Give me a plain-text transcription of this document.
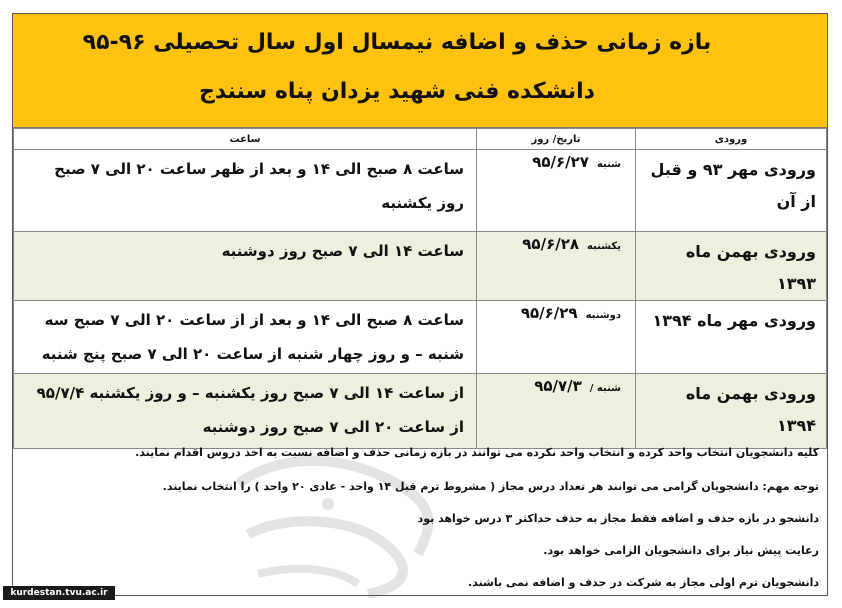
بازه زمانی حذف و اضافه نیمسال اول سال تحصیلی ۹۶-۹۵
دانشکده فنی شهید یزدان پناه سنندج
ورودی	تاریخ/ روز	ساعت

ورودی مهر ۹۳ و قبل از آن	شنبه۹۵/۶/۲۷	ساعت ۸ صبح الی ۱۴ و بعد از ظهر ساعت ۲۰ الی ۷ صبح روز یکشنبه

ورودی بهمن ماه ۱۳۹۳	یکشنبه۹۵/۶/۲۸	ساعت ۱۴ الی ۷ صبح روز دوشنبه

ورودی مهر ماه ۱۳۹۴	دوشنبه۹۵/۶/۲۹	ساعت ۸ صبح الی ۱۴ و بعد از از ساعت ۲۰ الی ۷ صبح سه شنبه – و روز چهار شنبه از ساعت ۲۰ الی ۷ صبح پنج شنبه

ورودی بهمن ماه ۱۳۹۴	شنبه /۹۵/۷/۳	از ساعت ۱۴ الی ۷ صبح روز یکشنبه – و روز یکشنبه ۹۵/۷/۴ از ساعت ۲۰ الی ۷ صبح روز دوشنبه
کلیه دانشجویان انتخاب واحد کرده و انتخاب واحد نکرده می توانند در بازه زمانی حذف و اضافه نسبت به اخذ دروس اقدام نمایند.
توجه مهم: دانشجویان گرامی می توانند هر تعداد درس مجاز ( مشروط ترم قبل ۱۴ واحد - عادی ۲۰ واحد ) را انتخاب نمایند.
دانشجو در بازه حذف و اضافه فقط مجاز به حذف حداکثر ۳ درس خواهد بود
رعایت پیش نیاز برای دانشجویان الزامی خواهد بود.
دانشجویان ترم اولی مجاز به شرکت در حذف و اضافه نمی باشند.
kurdestan.tvu.ac.ir
